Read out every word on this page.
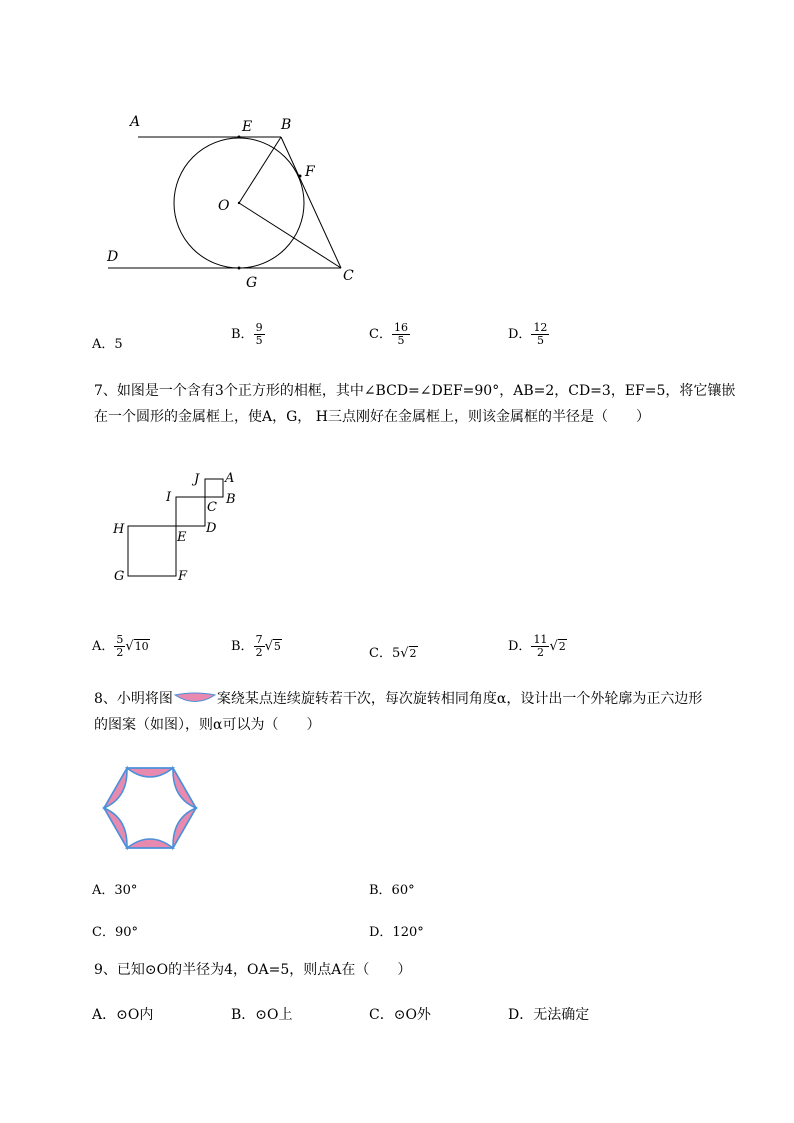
A	E B
F
O
D
G	C
A．5
B． $\frac{9}{5}$	C． $\frac{16}{5}$	D． $\frac{12}{5}$
7、如图是一个含有3个正方形的相框，其中∠BCD=∠DEF=90°，AB=2，CD=3，EF=5，将它镶嵌
在一个圆形的金属框上，使A，G， H三点刚好在金属框上，则该金属框的半径是（　　）
J A
I	B
C
H	D
E
G	F
A． $\frac{5}{2} √10$	B． $\frac{7}{2} √5$	C．5√2	D． $\frac{11}{2} √2$
8、小明将图	案绕某点连续旋转若干次，每次旋转相同角度α，设计出一个外轮廓为正六边形
的图案（如图），则α可以为（　　）
A．30°	B．60°
C．90°	D．120°
9、已知⊙O的半径为4，OA=5，则点A在（　　）
A．⊙O内	B．⊙O上	C．⊙O外	D．无法确定
